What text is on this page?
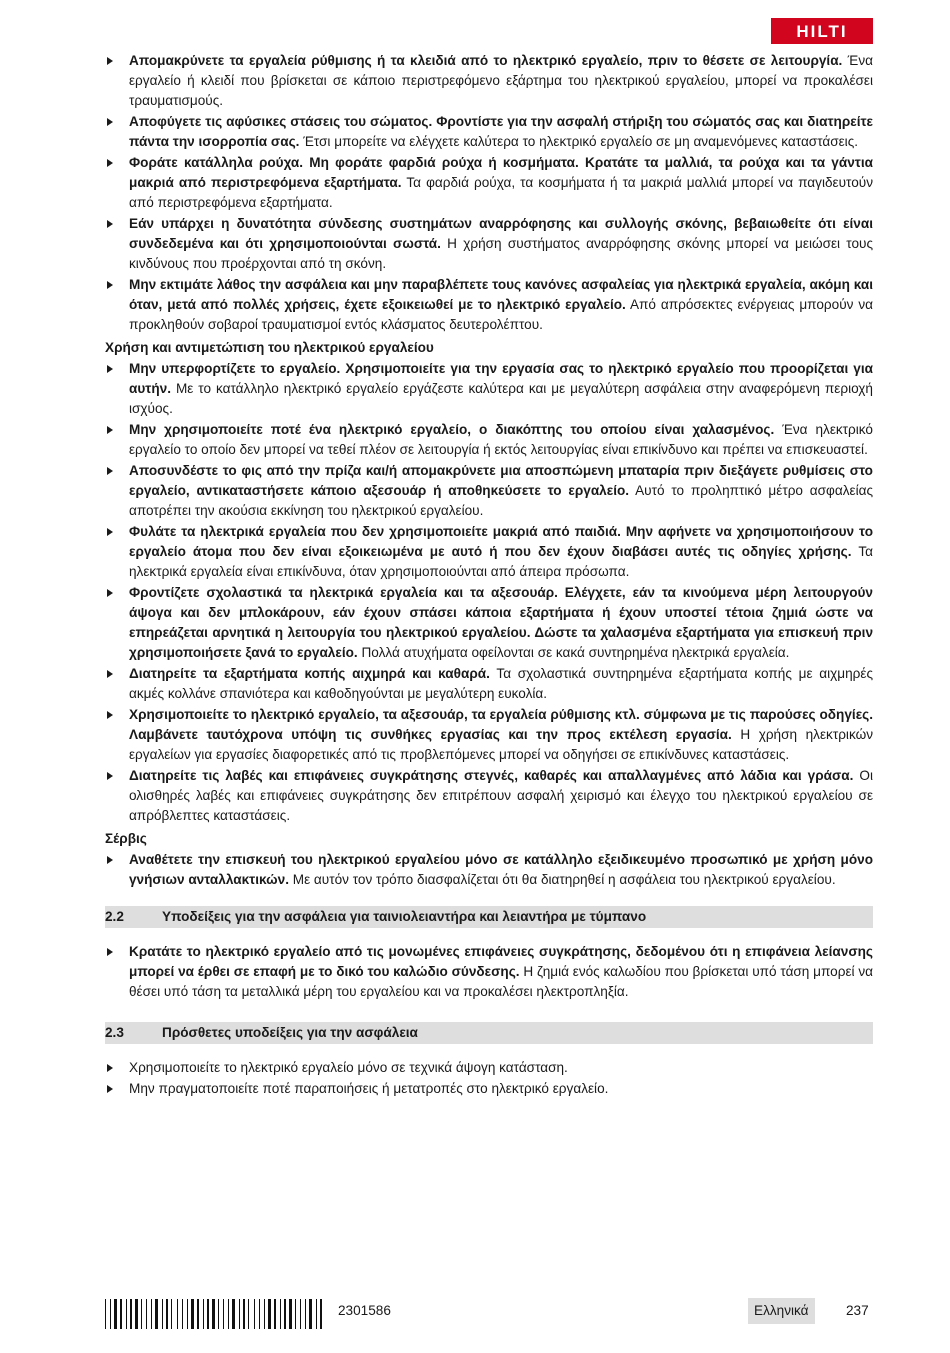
HILTI
Απομακρύνετε τα εργαλεία ρύθμισης ή τα κλειδιά από το ηλεκτρικό εργαλείο, πριν το θέσετε σε λειτουργία. Ένα εργαλείο ή κλειδί που βρίσκεται σε κάποιο περιστρεφόμενο εξάρτημα του ηλεκτρικού εργαλείου, μπορεί να προκαλέσει τραυματισμούς.
Αποφύγετε τις αφύσικες στάσεις του σώματος. Φροντίστε για την ασφαλή στήριξη του σώματός σας και διατηρείτε πάντα την ισορροπία σας. Έτσι μπορείτε να ελέγχετε καλύτερα το ηλεκτρικό εργαλείο σε μη αναμενόμενες καταστάσεις.
Φοράτε κατάλληλα ρούχα. Μη φοράτε φαρδιά ρούχα ή κοσμήματα. Κρατάτε τα μαλλιά, τα ρούχα και τα γάντια μακριά από περιστρεφόμενα εξαρτήματα. Τα φαρδιά ρούχα, τα κοσμήματα ή τα μακριά μαλλιά μπορεί να παγιδευτούν από περιστρεφόμενα εξαρτήματα.
Εάν υπάρχει η δυνατότητα σύνδεσης συστημάτων αναρρόφησης και συλλογής σκόνης, βεβαιωθείτε ότι είναι συνδεδεμένα και ότι χρησιμοποιούνται σωστά. Η χρήση συστήματος αναρρόφησης σκόνης μπορεί να μειώσει τους κινδύνους που προέρχονται από τη σκόνη.
Μην εκτιμάτε λάθος την ασφάλεια και μην παραβλέπετε τους κανόνες ασφαλείας για ηλεκτρικά εργαλεία, ακόμη και όταν, μετά από πολλές χρήσεις, έχετε εξοικειωθεί με το ηλεκτρικό εργαλείο. Από απρόσεκτες ενέργειας μπορούν να προκληθούν σοβαροί τραυματισμοί εντός κλάσματος δευτερολέπτου.
Χρήση και αντιμετώπιση του ηλεκτρικού εργαλείου
Μην υπερφορτίζετε το εργαλείο. Χρησιμοποιείτε για την εργασία σας το ηλεκτρικό εργαλείο που προορίζεται για αυτήν. Με το κατάλληλο ηλεκτρικό εργαλείο εργάζεστε καλύτερα και με μεγαλύτερη ασφάλεια στην αναφερόμενη περιοχή ισχύος.
Μην χρησιμοποιείτε ποτέ ένα ηλεκτρικό εργαλείο, ο διακόπτης του οποίου είναι χαλασμένος. Ένα ηλεκτρικό εργαλείο το οποίο δεν μπορεί να τεθεί πλέον σε λειτουργία ή εκτός λειτουργίας είναι επικίνδυνο και πρέπει να επισκευαστεί.
Αποσυνδέστε το φις από την πρίζα και/ή απομακρύνετε μια αποσπώμενη μπαταρία πριν διεξάγετε ρυθμίσεις στο εργαλείο, αντικαταστήσετε κάποιο αξεσουάρ ή αποθηκεύσετε το εργαλείο. Αυτό το προληπτικό μέτρο ασφαλείας αποτρέπει την ακούσια εκκίνηση του ηλεκτρικού εργαλείου.
Φυλάτε τα ηλεκτρικά εργαλεία που δεν χρησιμοποιείτε μακριά από παιδιά. Μην αφήνετε να χρησιμοποιήσουν το εργαλείο άτομα που δεν είναι εξοικειωμένα με αυτό ή που δεν έχουν διαβάσει αυτές τις οδηγίες χρήσης. Τα ηλεκτρικά εργαλεία είναι επικίνδυνα, όταν χρησιμοποιούνται από άπειρα πρόσωπα.
Φροντίζετε σχολαστικά τα ηλεκτρικά εργαλεία και τα αξεσουάρ. Ελέγχετε, εάν τα κινούμενα μέρη λειτουργούν άψογα και δεν μπλοκάρουν, εάν έχουν σπάσει κάποια εξαρτήματα ή έχουν υποστεί τέτοια ζημιά ώστε να επηρεάζεται αρνητικά η λειτουργία του ηλεκτρικού εργαλείου. Δώστε τα χαλασμένα εξαρτήματα για επισκευή πριν χρησιμοποιήσετε ξανά το εργαλείο. Πολλά ατυχήματα οφείλονται σε κακά συντηρημένα ηλεκτρικά εργαλεία.
Διατηρείτε τα εξαρτήματα κοπής αιχμηρά και καθαρά. Τα σχολαστικά συντηρημένα εξαρτήματα κοπής με αιχμηρές ακμές κολλάνε σπανιότερα και καθοδηγούνται με μεγαλύτερη ευκολία.
Χρησιμοποιείτε το ηλεκτρικό εργαλείο, τα αξεσουάρ, τα εργαλεία ρύθμισης κτλ. σύμφωνα με τις παρούσες οδηγίες. Λαμβάνετε ταυτόχρονα υπόψη τις συνθήκες εργασίας και την προς εκτέλεση εργασία. Η χρήση ηλεκτρικών εργαλείων για εργασίες διαφορετικές από τις προβλεπόμενες μπορεί να οδηγήσει σε επικίνδυνες καταστάσεις.
Διατηρείτε τις λαβές και επιφάνειες συγκράτησης στεγνές, καθαρές και απαλλαγμένες από λάδια και γράσα. Οι ολισθηρές λαβές και επιφάνειες συγκράτησης δεν επιτρέπουν ασφαλή χειρισμό και έλεγχο του ηλεκτρικού εργαλείου σε απρόβλεπτες καταστάσεις.
Σέρβις
Αναθέτετε την επισκευή του ηλεκτρικού εργαλείου μόνο σε κατάλληλο εξειδικευμένο προσωπικό με χρήση μόνο γνήσιων ανταλλακτικών. Με αυτόν τον τρόπο διασφαλίζεται ότι θα διατηρηθεί η ασφάλεια του ηλεκτρικού εργαλείου.
2.2	Υποδείξεις για την ασφάλεια για ταινιολειαντήρα και λειαντήρα με τύμπανο
Κρατάτε το ηλεκτρικό εργαλείο από τις μονωμένες επιφάνειες συγκράτησης, δεδομένου ότι η επιφάνεια λείανσης μπορεί να έρθει σε επαφή με το δικό του καλώδιο σύνδεσης. Η ζημιά ενός καλωδίου που βρίσκεται υπό τάση μπορεί να θέσει υπό τάση τα μεταλλικά μέρη του εργαλείου και να προκαλέσει ηλεκτροπληξία.
2.3	Πρόσθετες υποδείξεις για την ασφάλεια
Χρησιμοποιείτε το ηλεκτρικό εργαλείο μόνο σε τεχνικά άψογη κατάσταση.
Μην πραγματοποιείτε ποτέ παραποιήσεις ή μετατροπές στο ηλεκτρικό εργαλείο.
2301586	Ελληνικά	237
